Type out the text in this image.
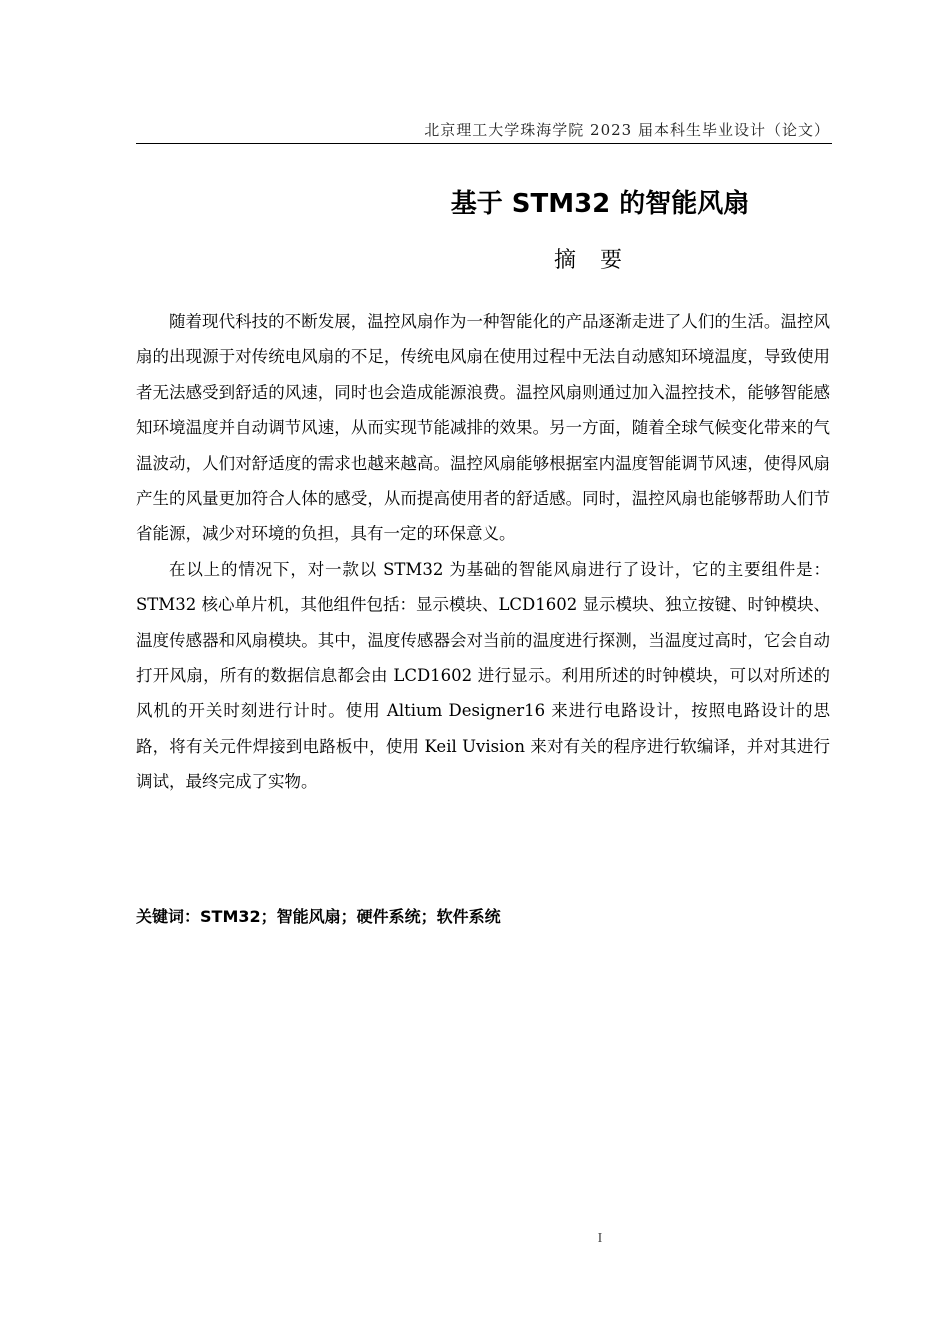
北京理工大学珠海学院 2023 届本科生毕业设计（论文）
基于 STM32 的智能风扇
摘要

随着现代科技的不断发展，温控风扇作为一种智能化的产品逐渐走进了人们的生活。温控风扇的出现源于对传统电风扇的不足，传统电风扇在使用过程中无法自动感知环境温度，导致使用者无法感受到舒适的风速，同时也会造成能源浪费。温控风扇则通过加入温控技术，能够智能感知环境温度并自动调节风速，从而实现节能减排的效果。另一方面，随着全球气候变化带来的气温波动，人们对舒适度的需求也越来越高。温控风扇能够根据室内温度智能调节风速，使得风扇产生的风量更加符合人体的感受，从而提高使用者的舒适感。同时，温控风扇也能够帮助人们节省能源，减少对环境的负担，具有一定的环保意义。

在以上的情况下，对一款以 STM32 为基础的智能风扇进行了设计，它的主要组件是：STM32 核心单片机，其他组件包括：显示模块、LCD1602 显示模块、独立按键、时钟模块、温度传感器和风扇模块。其中，温度传感器会对当前的温度进行探测，当温度过高时，它会自动打开风扇，所有的数据信息都会由 LCD1602 进行显示。利用所述的时钟模块，可以对所述的风机的开关时刻进行计时。使用 Altium Designer16 来进行电路设计，按照电路设计的思路，将有关元件焊接到电路板中，使用 Keil Uvision 来对有关的程序进行软编译，并对其进行调试，最终完成了实物。

关键词：STM32；智能风扇；硬件系统；软件系统
I
